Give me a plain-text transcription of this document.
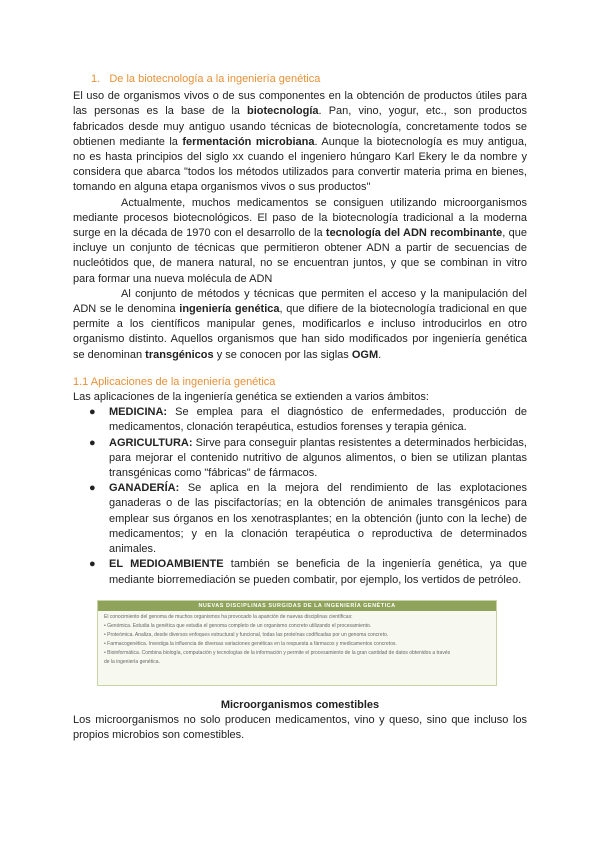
1. De la biotecnología a la ingeniería genética

El uso de organismos vivos o de sus componentes en la obtención de productos útiles para las personas es la base de la biotecnología. Pan, vino, yogur, etc., son productos fabricados desde muy antiguo usando técnicas de biotecnología, concretamente todos se obtienen mediante la fermentación microbiana. Aunque la biotecnología es muy antigua, no es hasta principios del siglo xx cuando el ingeniero húngaro Karl Ekery le da nombre y considera que abarca "todos los métodos utilizados para convertir materia prima en bienes, tomando en alguna etapa organismos vivos o sus productos"

Actualmente, muchos medicamentos se consiguen utilizando microorganismos mediante procesos biotecnológicos. El paso de la biotecnología tradicional a la moderna surge en la década de 1970 con el desarrollo de la tecnología del ADN recombinante, que incluye un conjunto de técnicas que permitieron obtener ADN a partir de secuencias de nucleótidos que, de manera natural, no se encuentran juntos, y que se combinan in vitro para formar una nueva molécula de ADN

Al conjunto de métodos y técnicas que permiten el acceso y la manipulación del ADN se le denomina ingeniería genética, que difiere de la biotecnología tradicional en que permite a los científicos manipular genes, modificarlos e incluso introducirlos en otro organismo distinto. Aquellos organismos que han sido modificados por ingeniería genética se denominan transgénicos y se conocen por las siglas OGM.

1.1 Aplicaciones de la ingeniería genética

Las aplicaciones de la ingeniería genética se extienden a varios ámbitos:

● MEDICINA: Se emplea para el diagnóstico de enfermedades, producción de medicamentos, clonación terapéutica, estudios forenses y terapia génica.
● AGRICULTURA: Sirve para conseguir plantas resistentes a determinados herbicidas, para mejorar el contenido nutritivo de algunos alimentos, o bien se utilizan plantas transgénicas como "fábricas" de fármacos.
● GANADERÍA: Se aplica en la mejora del rendimiento de las explotaciones ganaderas o de las piscifactorías; en la obtención de animales transgénicos para emplear sus órganos en los xenotrasplantes; en la obtención (junto con la leche) de medicamentos; y en la clonación terapéutica o reproductiva de determinados animales.
● EL MEDIOAMBIENTE también se beneficia de la ingeniería genética, ya que mediante biorremediación se pueden combatir, por ejemplo, los vertidos de petróleo.
NUEVAS DISCIPLINAS SURGIDAS DE LA INGENIERÍA GENÉTICA
El conocimiento del genoma de muchos organismos ha provocado la aparición de nuevas disciplinas científicas:
• Genómica. Estudia la genética que estudia el genoma completo de un organismo concreto utilizando el procesamiento.
• Proteómica. Analiza, desde diversos enfoques estructural y funcional, todas las proteínas codificadas por un genoma concreto.
• Farmacogenética. Investiga la influencia de diversas variaciones genéticas en la respuesta a fármacos y medicamentos concretos.
• Bioinformática. Combina biología, computación y tecnologías de la información y permite el procesamiento de la gran cantidad de datos obtenidos a través
de la ingeniería genética.
Microorganismos comestibles

Los microorganismos no solo producen medicamentos, vino y queso, sino que incluso los propios microbios son comestibles.
